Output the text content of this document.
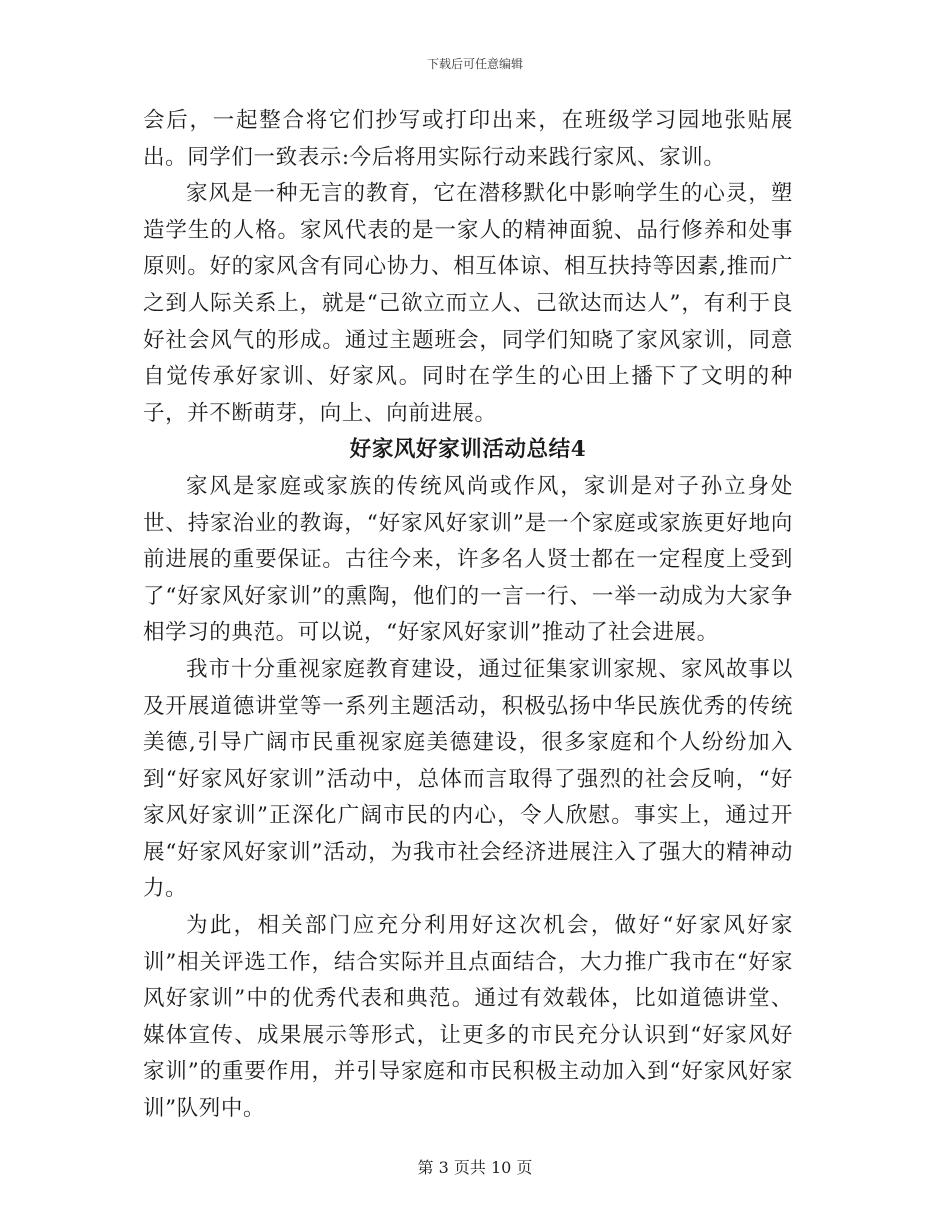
下载后可任意编辑

会后，一起整合将它们抄写或打印出来，在班级学习园地张贴展出。同学们一致表示:今后将用实际行动来践行家风、家训。

家风是一种无言的教育，它在潜移默化中影响学生的心灵，塑造学生的人格。家风代表的是一家人的精神面貌、品行修养和处事原则。好的家风含有同心协力、相互体谅、相互扶持等因素,推而广之到人际关系上，就是“己欲立而立人、己欲达而达人”，有利于良好社会风气的形成。通过主题班会，同学们知晓了家风家训，同意自觉传承好家训、好家风。同时在学生的心田上播下了文明的种子，并不断萌芽，向上、向前进展。

好家风好家训活动总结4

家风是家庭或家族的传统风尚或作风，家训是对子孙立身处世、持家治业的教诲，“好家风好家训”是一个家庭或家族更好地向前进展的重要保证。古往今来，许多名人贤士都在一定程度上受到了“好家风好家训”的熏陶，他们的一言一行、一举一动成为大家争相学习的典范。可以说，“好家风好家训”推动了社会进展。

我市十分重视家庭教育建设，通过征集家训家规、家风故事以及开展道德讲堂等一系列主题活动，积极弘扬中华民族优秀的传统美德,引导广阔市民重视家庭美德建设，很多家庭和个人纷纷加入到“好家风好家训”活动中，总体而言取得了强烈的社会反响，“好家风好家训”正深化广阔市民的内心，令人欣慰。事实上，通过开展“好家风好家训”活动，为我市社会经济进展注入了强大的精神动力。

为此，相关部门应充分利用好这次机会，做好“好家风好家训”相关评选工作，结合实际并且点面结合，大力推广我市在“好家风好家训”中的优秀代表和典范。通过有效载体，比如道德讲堂、媒体宣传、成果展示等形式，让更多的市民充分认识到“好家风好家训”的重要作用，并引导家庭和市民积极主动加入到“好家风好家训”队列中。

第 3 页共 10 页
